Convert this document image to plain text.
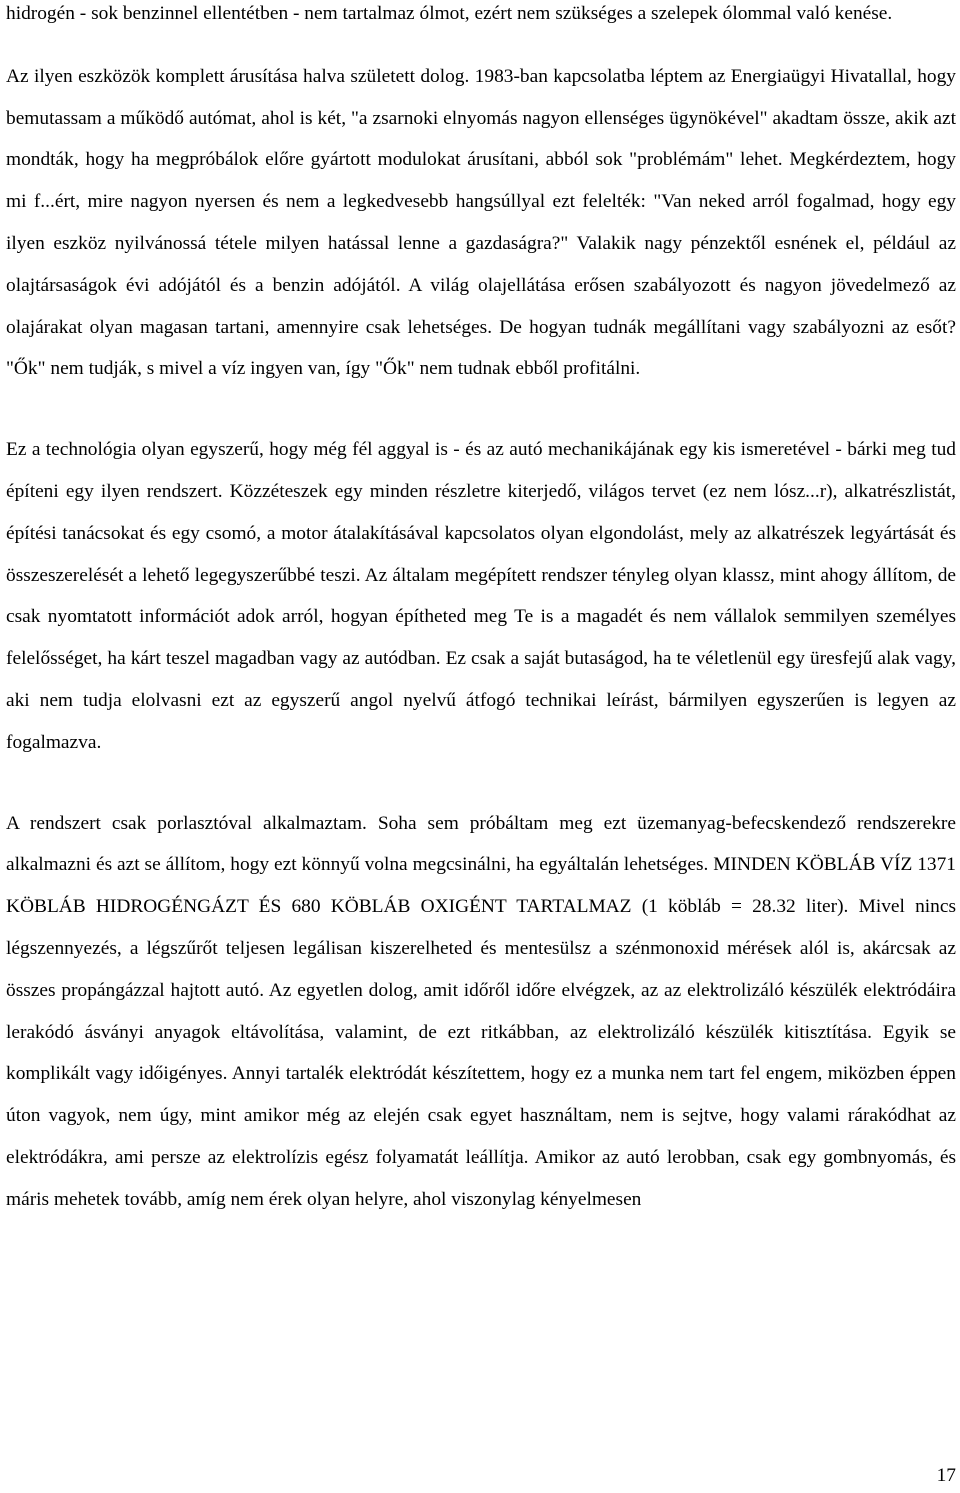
hidrogén - sok benzinnel ellentétben - nem tartalmaz ólmot, ezért nem szükséges a szelepek ólommal való kenése.

Az ilyen eszközök komplett árusítása halva született dolog. 1983-ban kapcsolatba léptem az Energiaügyi Hivatallal, hogy bemutassam a működő autómat, ahol is két, "a zsarnoki elnyomás nagyon ellenséges ügynökével" akadtam össze, akik azt mondták, hogy ha megpróbálok előre gyártott modulokat árusítani, abból sok "problémám" lehet. Megkérdeztem, hogy mi f...ért, mire nagyon nyersen és nem a legkedvesebb hangsúllyal ezt felelték: "Van neked arról fogalmad, hogy egy ilyen eszköz nyilvánossá tétele milyen hatással lenne a gazdaságra?" Valakik nagy pénzektől esnének el, például az olajtársaságok évi adójától és a benzin adójától. A világ olajellátása erősen szabályozott és nagyon jövedelmező az olajárakat olyan magasan tartani, amennyire csak lehetséges. De hogyan tudnák megállítani vagy szabályozni az esőt? "Ők" nem tudják, s mivel a víz ingyen van, így "Ők" nem tudnak ebből profitálni.

Ez a technológia olyan egyszerű, hogy még fél aggyal is - és az autó mechanikájának egy kis ismeretével - bárki meg tud építeni egy ilyen rendszert. Közzéteszek egy minden részletre kiterjedő, világos tervet (ez nem lósz...r), alkatrészlistát, építési tanácsokat és egy csomó, a motor átalakításával kapcsolatos olyan elgondolást, mely az alkatrészek legyártását és összeszerelését a lehető legegyszerűbbé teszi. Az általam megépített rendszer tényleg olyan klassz, mint ahogy állítom, de csak nyomtatott információt adok arról, hogyan építheted meg Te is a magadét és nem vállalok semmilyen személyes felelősséget, ha kárt teszel magadban vagy az autódban. Ez csak a saját butaságod, ha te véletlenül egy üresfejű alak vagy, aki nem tudja elolvasni ezt az egyszerű angol nyelvű átfogó technikai leírást, bármilyen egyszerűen is legyen az fogalmazva.

A rendszert csak porlasztóval alkalmaztam. Soha sem próbáltam meg ezt üzemanyag-befecskendező rendszerekre alkalmazni és azt se állítom, hogy ezt könnyű volna megcsinálni, ha egyáltalán lehetséges. MINDEN KÖBLÁB VÍZ 1371 KÖBLÁB HIDROGÉNGÁZT ÉS 680 KÖBLÁB OXIGÉNT TARTALMAZ (1 köbláb = 28.32 liter). Mivel nincs légszennyezés, a légszűrőt teljesen legálisan kiszerelheted és mentesülsz a szénmonoxid mérések alól is, akárcsak az összes propángázzal hajtott autó. Az egyetlen dolog, amit időről időre elvégzek, az az elektrolizáló készülék elektródáira lerakódó ásványi anyagok eltávolítása, valamint, de ezt ritkábban, az elektrolizáló készülék kitisztítása. Egyik se komplikált vagy időigényes. Annyi tartalék elektródát készítettem, hogy ez a munka nem tart fel engem, miközben éppen úton vagyok, nem úgy, mint amikor még az elején csak egyet használtam, nem is sejtve, hogy valami rárakódhat az elektródákra, ami persze az elektrolízis egész folyamatát leállítja. Amikor az autó lerobban, csak egy gombnyomás, és máris mehetek tovább, amíg nem érek olyan helyre, ahol viszonylag kényelmesen

17
